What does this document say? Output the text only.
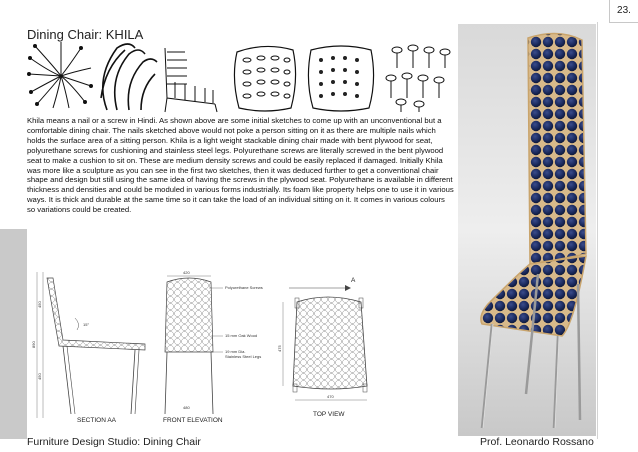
23.
Dining Chair: KHILA
Khila means a nail or a screw in Hindi. As shown above are some initial sketches to come up with an unconventional but a comfortable dining chair. The nails sketched above would not poke a person sitting on it as there are multiple nails which holds the surface area of a sitting person. Khila is a light weight stackable dining chair made with bent plywood for seat, polyurethane screws for cushioning and stainless steel legs. Polyurethane screws are literally screwed in the bent plywood seat to make a cushion to sit on. These are medium density screws and could be easily replaced if damaged. Initially Khila was more like a sculpture as you can see in the first two sketches, then it was deduced further to get a conventional chair shape and design but still using the same idea of having the screws in the plywood seat. Polyurethane is available in different thickness and densities and could be moduled in various forms industrially. Its foam like property helps one to use it in various ways. It is thick and durable at the same time so it can take the load of an individual sitting on it. It comes in various colours so variations could be created.
15°
450
890
450
SECTION AA
420
480
Polyurethane Screws
15 mm Oak Wood
19 mm Dia.
Stainless Steel Legs
FRONT ELEVATION
A
475
470
TOP VIEW
Furniture Design Studio: Dining Chair	Prof. Leonardo Rossano
